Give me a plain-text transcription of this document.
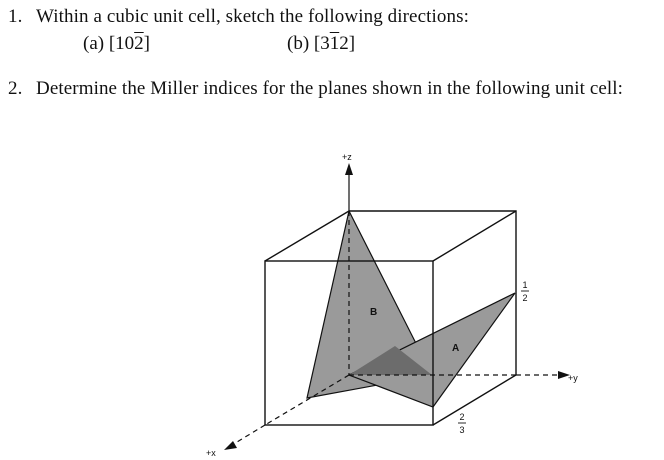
1. Within a cubic unit cell, sketch the following directions:
(a) [102]	(b) [312]
2. Determine the Miller indices for the planes shown in the following unit cell:
+z
+y
+x
B
A
1
2
2
3
